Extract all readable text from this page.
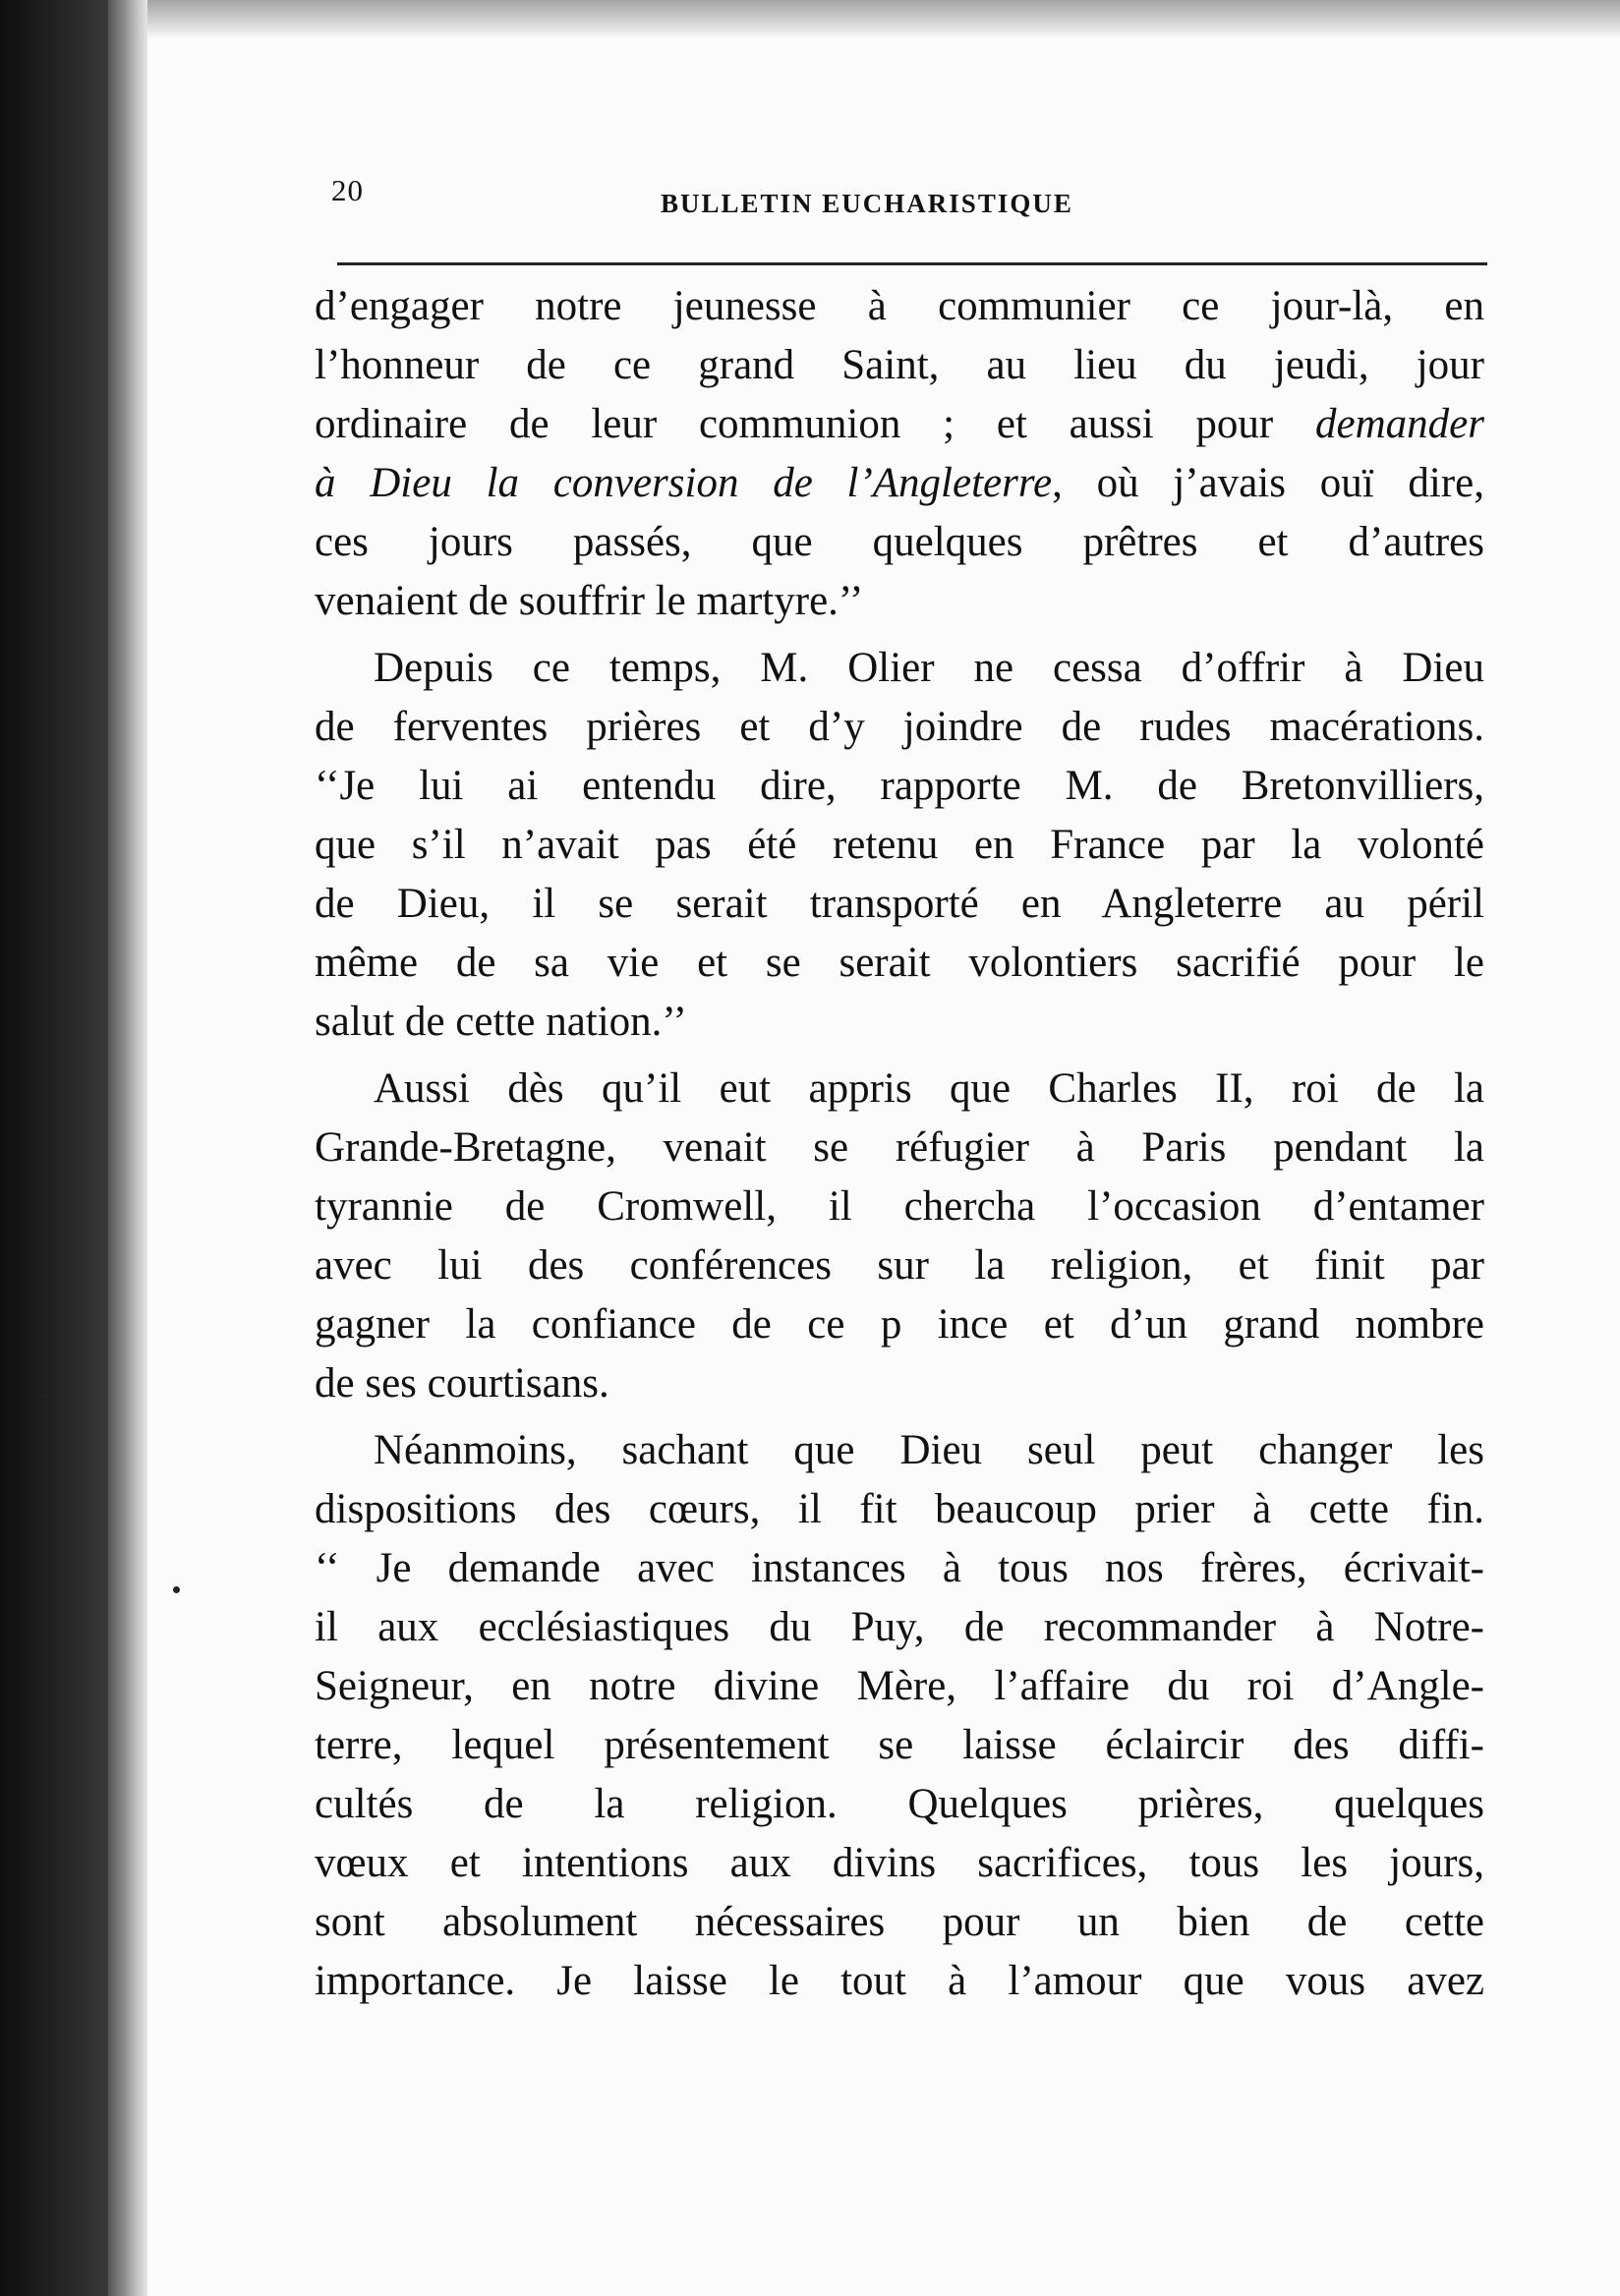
20	BULLETIN EUCHARISTIQUE
d’engager notre jeunesse à communier ce jour-là, en
l’honneur de ce grand Saint, au lieu du jeudi, jour
ordinaire de leur communion ; et aussi pour demander
à Dieu la conversion de l’Angleterre, où j’avais ouï dire,
ces jours passés, que quelques prêtres et d’autres
venaient de souffrir le martyre.’’
Depuis ce temps, M. Olier ne cessa d’offrir à Dieu
de ferventes prières et d’y joindre de rudes macérations.
‘‘Je lui ai entendu dire, rapporte M. de Bretonvilliers,
que s’il n’avait pas été retenu en France par la volonté
de Dieu, il se serait transporté en Angleterre au péril
même de sa vie et se serait volontiers sacrifié pour le
salut de cette nation.’’
Aussi dès qu’il eut appris que Charles II, roi de la
Grande-Bretagne, venait se réfugier à Paris pendant la
tyrannie de Cromwell, il chercha l’occasion d’entamer
avec lui des conférences sur la religion, et finit par
gagner la confiance de ce p ince et d’un grand nombre
de ses courtisans.
Néanmoins, sachant que Dieu seul peut changer les
dispositions des cœurs, il fit beaucoup prier à cette fin.
‘‘ Je demande avec instances à tous nos frères, écrivait-
il aux ecclésiastiques du Puy, de recommander à Notre-
Seigneur, en notre divine Mère, l’affaire du roi d’Angle-
terre, lequel présentement se laisse éclaircir des diffi-
cultés de la religion. Quelques prières, quelques
vœux et intentions aux divins sacrifices, tous les jours,
sont absolument nécessaires pour un bien de cette
importance. Je laisse le tout à l’amour que vous avez
